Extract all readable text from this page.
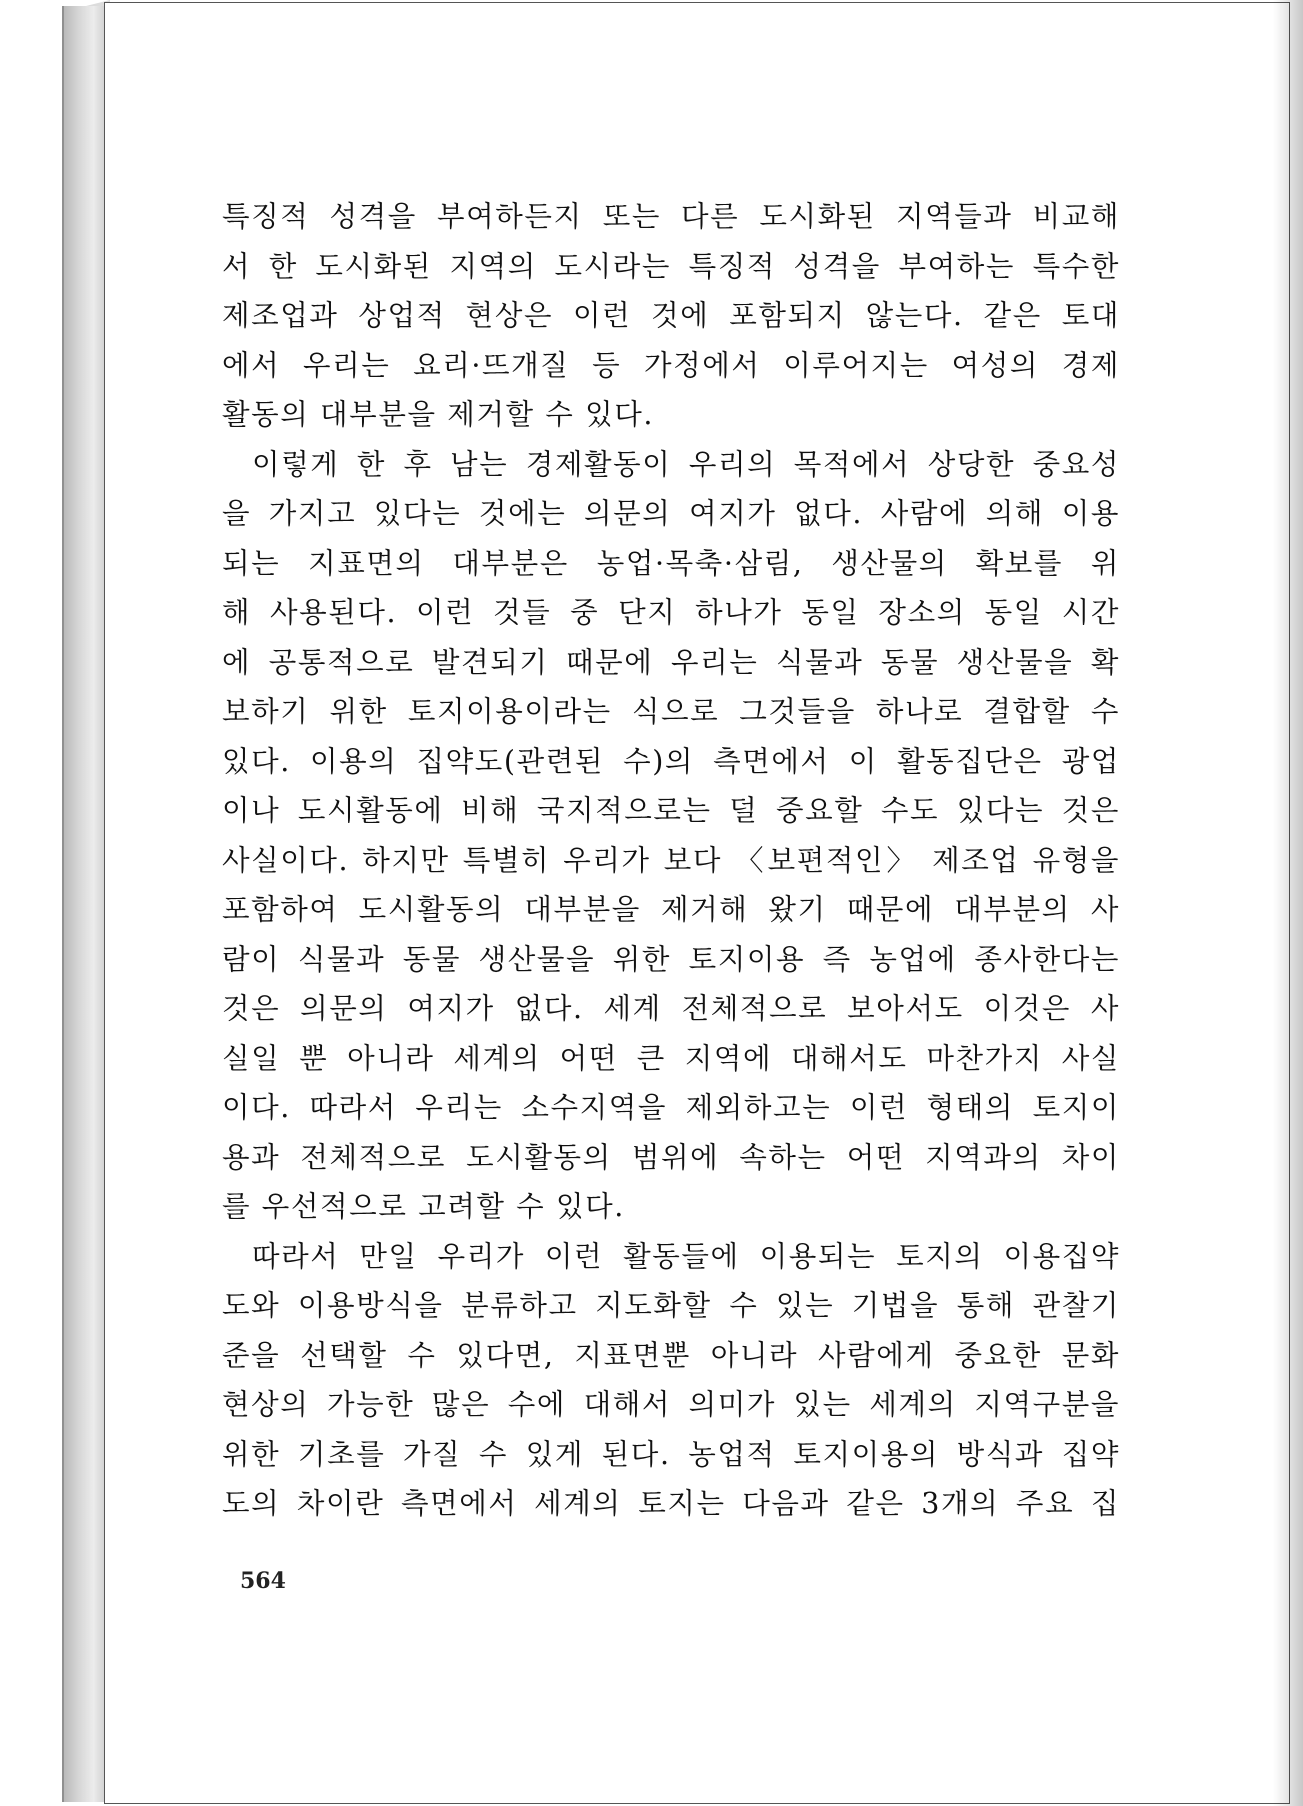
특징적 성격을 부여하든지 또는 다른 도시화된 지역들과 비교해
서 한 도시화된 지역의 도시라는 특징적 성격을 부여하는 특수한
제조업과 상업적 현상은 이런 것에 포함되지 않는다. 같은 토대
에서 우리는 요리·뜨개질 등 가정에서 이루어지는 여성의 경제
활동의 대부분을 제거할 수 있다.
이렇게 한 후 남는 경제활동이 우리의 목적에서 상당한 중요성
을 가지고 있다는 것에는 의문의 여지가 없다. 사람에 의해 이용
되는 지표면의 대부분은 농업·목축·삼림, 생산물의 확보를 위
해 사용된다. 이런 것들 중 단지 하나가 동일 장소의 동일 시간
에 공통적으로 발견되기 때문에 우리는 식물과 동물 생산물을 확
보하기 위한 토지이용이라는 식으로 그것들을 하나로 결합할 수
있다. 이용의 집약도(관련된 수)의 측면에서 이 활동집단은 광업
이나 도시활동에 비해 국지적으로는 덜 중요할 수도 있다는 것은
사실이다. 하지만 특별히 우리가 보다 〈보편적인〉 제조업 유형을
포함하여 도시활동의 대부분을 제거해 왔기 때문에 대부분의 사
람이 식물과 동물 생산물을 위한 토지이용 즉 농업에 종사한다는
것은 의문의 여지가 없다. 세계 전체적으로 보아서도 이것은 사
실일 뿐 아니라 세계의 어떤 큰 지역에 대해서도 마찬가지 사실
이다. 따라서 우리는 소수지역을 제외하고는 이런 형태의 토지이
용과 전체적으로 도시활동의 범위에 속하는 어떤 지역과의 차이
를 우선적으로 고려할 수 있다.
따라서 만일 우리가 이런 활동들에 이용되는 토지의 이용집약
도와 이용방식을 분류하고 지도화할 수 있는 기법을 통해 관찰기
준을 선택할 수 있다면, 지표면뿐 아니라 사람에게 중요한 문화
현상의 가능한 많은 수에 대해서 의미가 있는 세계의 지역구분을
위한 기초를 가질 수 있게 된다. 농업적 토지이용의 방식과 집약
도의 차이란 측면에서 세계의 토지는 다음과 같은 3개의 주요 집
564
